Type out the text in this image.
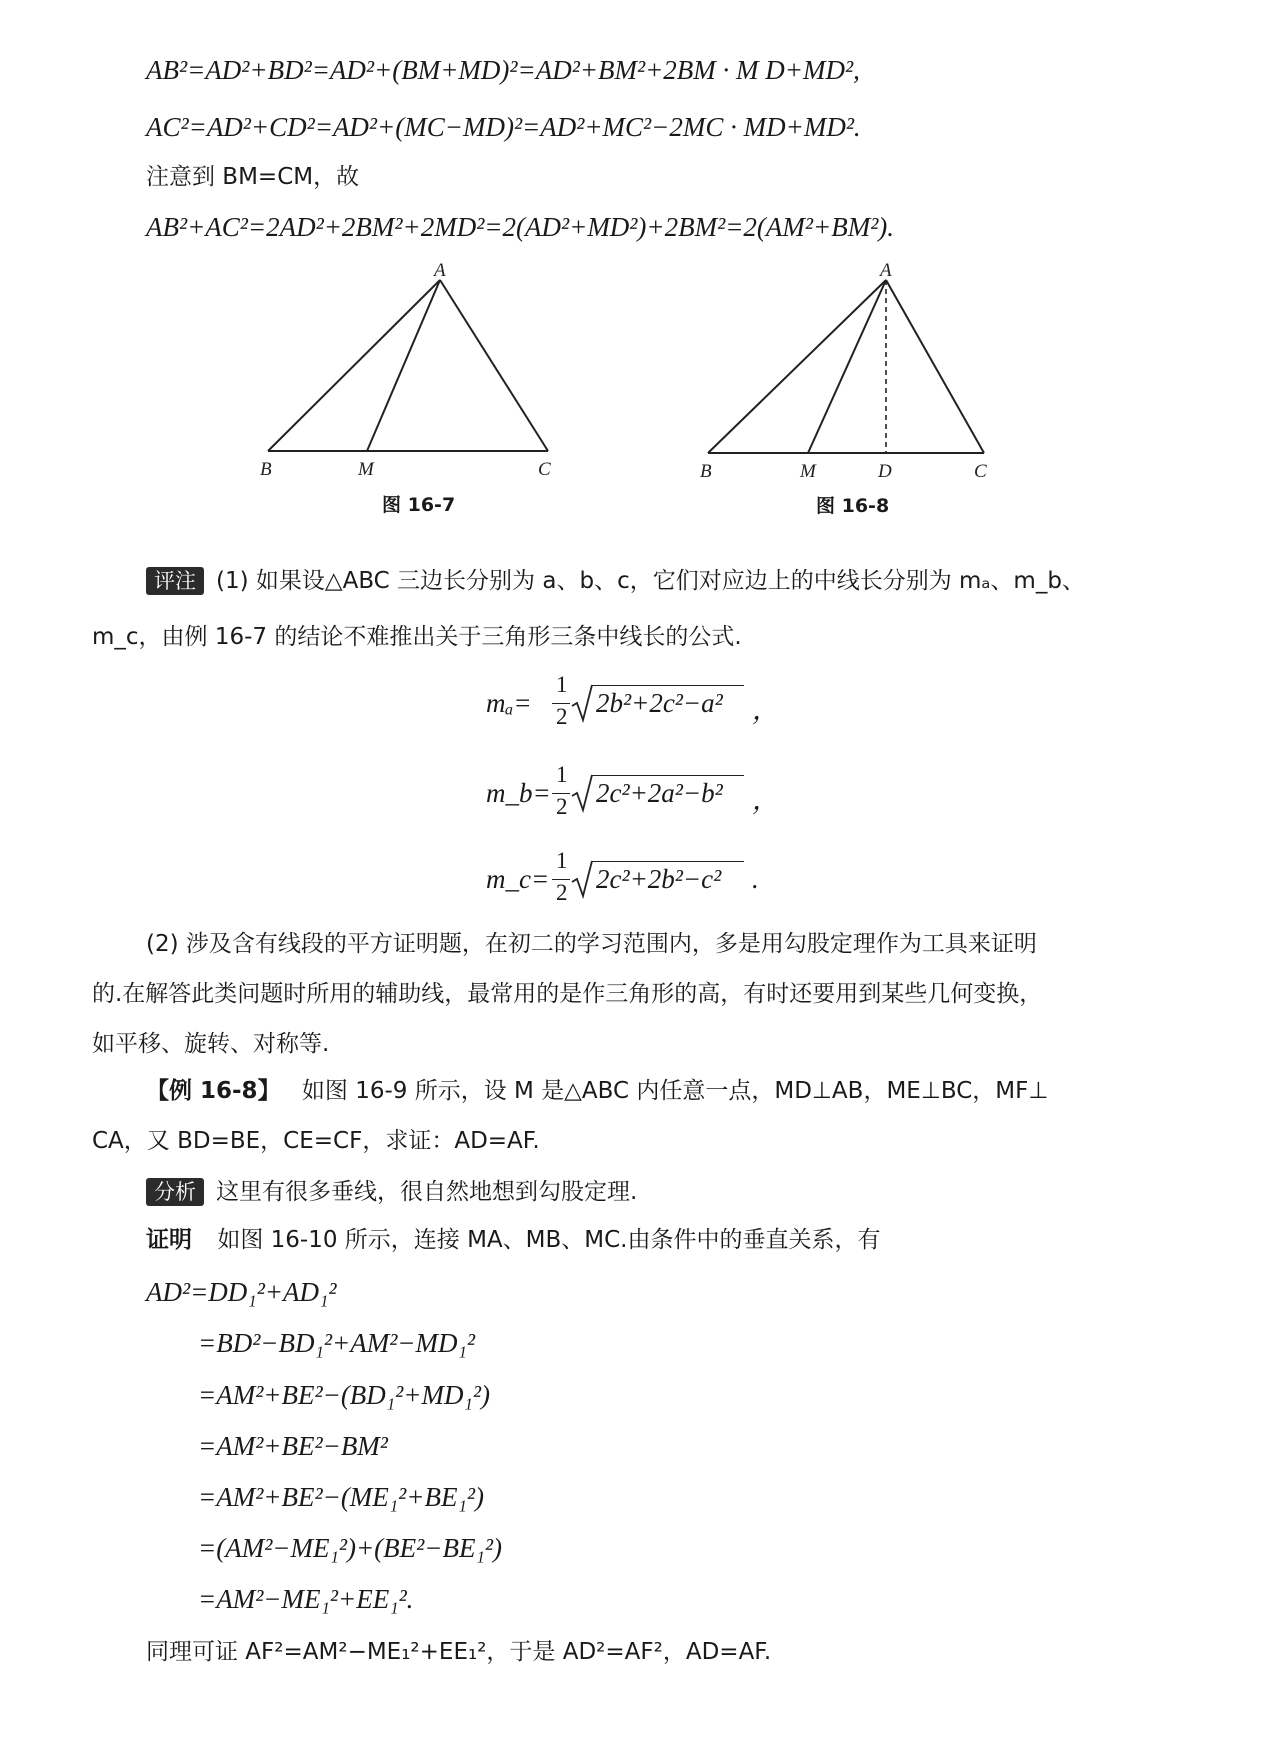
AB²=AD²+BD²=AD²+(BM+MD)²=AD²+BM²+2BM · M D+MD²,
AC²=AD²+CD²=AD²+(MC−MD)²=AD²+MC²−2MC · MD+MD².
注意到 BM=CM，故
AB²+AC²=2AD²+2BM²+2MD²=2(AD²+MD²)+2BM²=2(AM²+BM²).
A
B	M	C
图 16-7
A
B	M	D	C
图 16-8
评注 (1) 如果设△ABC 三边长分别为 a、b、c，它们对应边上的中线长分别为 mₐ、m_b、
m_c，由例 16-7 的结论不难推出关于三角形三条中线长的公式.
mₐ=
1
2 2b²+2c²−a² ，
m_b=
1
2 2c²+2a²−b² ，
m_c=
1
2 2c²+2b²−c² .
(2) 涉及含有线段的平方证明题，在初二的学习范围内，多是用勾股定理作为工具来证明
的.在解答此类问题时所用的辅助线，最常用的是作三角形的高，有时还要用到某些几何变换，
如平移、旋转、对称等.
【例 16-8】 如图 16-9 所示，设 M 是△ABC 内任意一点，MD⊥AB，ME⊥BC，MF⊥
CA，又 BD=BE，CE=CF，求证：AD=AF.
分析 这里有很多垂线，很自然地想到勾股定理.
证明 如图 16-10 所示，连接 MA、MB、MC.由条件中的垂直关系，有
AD²=DD₁²+AD₁²
=BD²−BD₁²+AM²−MD₁²
=AM²+BE²−(BD₁²+MD₁²)
=AM²+BE²−BM²
=AM²+BE²−(ME₁²+BE₁²)
=(AM²−ME₁²)+(BE²−BE₁²)
=AM²−ME₁²+EE₁².
同理可证 AF²=AM²−ME₁²+EE₁²，于是 AD²=AF²，AD=AF.
